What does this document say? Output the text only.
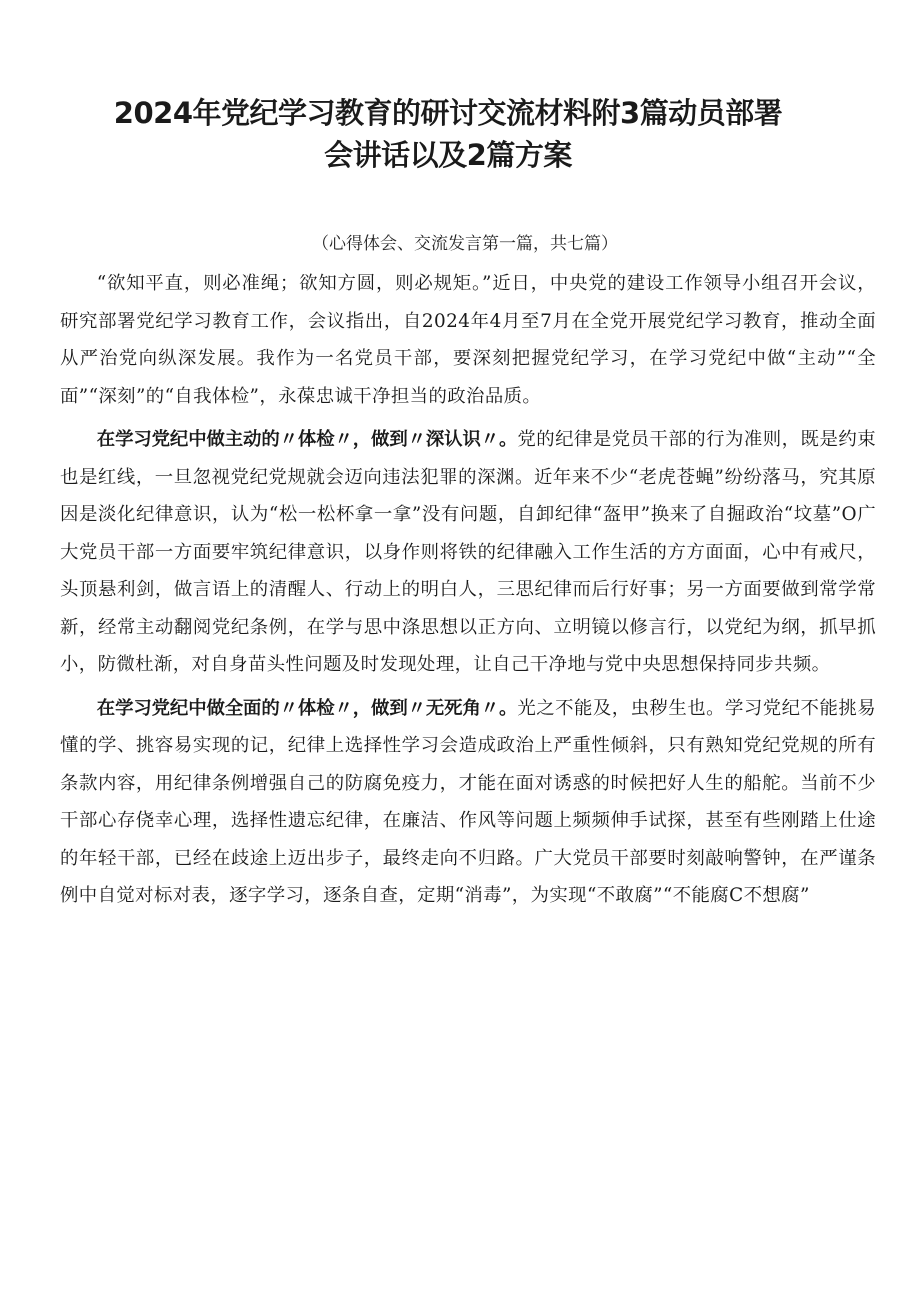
2024年党纪学习教育的研讨交流材料附3篇动员部署
会讲话以及2篇方案
（心得体会、交流发言第一篇，共七篇）

“欲知平直，则必准绳；欲知方圆，则必规矩。”近日，中央党的建设工作领导小组召开会议，研究部署党纪学习教育工作，会议指出，自2024年4月至7月在全党开展党纪学习教育，推动全面从严治党向纵深发展。我作为一名党员干部，要深刻把握党纪学习，在学习党纪中做“主动”“全面”“深刻”的“自我体检”，永葆忠诚干净担当的政治品质。

在学习党纪中做主动的〃体检〃，做到〃深认识〃。党的纪律是党员干部的行为准则，既是约束也是红线，一旦忽视党纪党规就会迈向违法犯罪的深渊。近年来不少“老虎苍蝇”纷纷落马，究其原因是淡化纪律意识，认为“松一松杯拿一拿”没有问题，自卸纪律“盔甲”换来了自掘政治“坟墓”O广大党员干部一方面要牢筑纪律意识，以身作则将铁的纪律融入工作生活的方方面面，心中有戒尺，头顶悬利剑，做言语上的清醒人、行动上的明白人，三思纪律而后行好事；另一方面要做到常学常新，经常主动翻阅党纪条例，在学与思中涤思想以正方向、立明镜以修言行，以党纪为纲，抓早抓小，防微杜渐，对自身苗头性问题及时发现处理，让自己干净地与党中央思想保持同步共频。

在学习党纪中做全面的〃体检〃，做到〃无死角〃。光之不能及，虫秽生也。学习党纪不能挑易懂的学、挑容易实现的记，纪律上选择性学习会造成政治上严重性倾斜，只有熟知党纪党规的所有条款内容，用纪律条例增强自己的防腐免疫力，才能在面对诱惑的时候把好人生的船舵。当前不少干部心存侥幸心理，选择性遗忘纪律，在廉洁、作风等问题上频频伸手试探，甚至有些刚踏上仕途的年轻干部，已经在歧途上迈出步子，最终走向不归路。广大党员干部要时刻敲响警钟，在严谨条例中自觉对标对表，逐字学习，逐条自查，定期“消毒”，为实现“不敢腐”“不能腐C不想腐”
